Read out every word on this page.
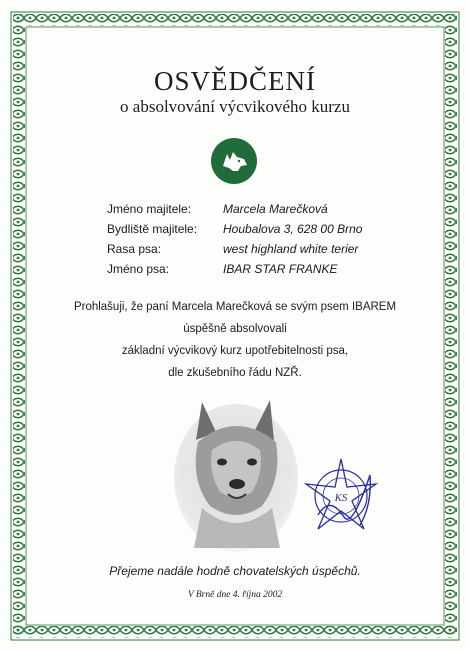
OSVĚDČENÍ
o absolvování výcvikového kurzu
Jméno majitele:	Marcela Marečková
Bydliště majitele: Houbalova 3, 628 00 Brno
Rasa psa:	west highland white terier
Jméno psa:	IBAR STAR FRANKE
Prohlašuji, že paní Marcela Marečková se svým psem IBAREM
úspěšně absolvovali
základní výcvikový kurz upotřebitelnosti psa,
dle zkušebního řádu NZŘ.
KS
Přejeme nadále hodně chovatelských úspěchů.
V Brně dne 4. října 2002
